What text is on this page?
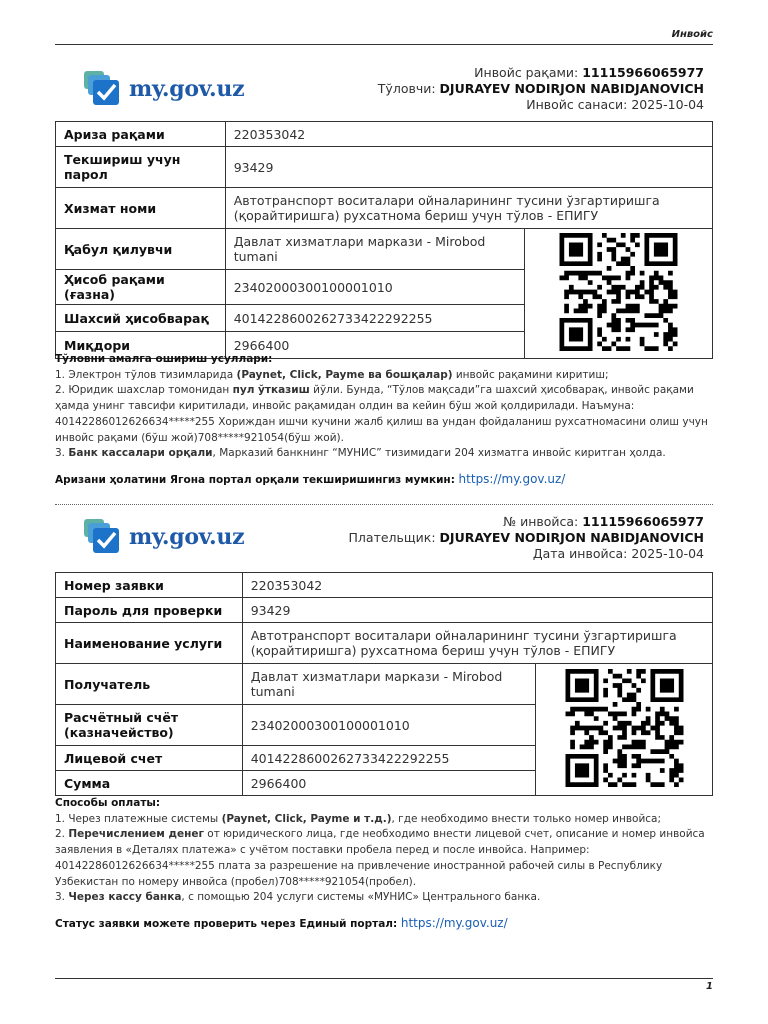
Инвойс
my.gov.uz
Инвойс рақами: 11115966065977
Тўловчи: DJURAYEV NODIRJON NABIDJANOVICH
Инвойс санаси: 2025-10-04
Ариза рақами	220353042	
Текшириш учун парол	93429	
Хизмат номи	Автотранспорт воситалари ойналарининг тусини ўзгартиришга (қорайтиришга) рухсатнома бериш учун тўлов - ЕПИГУ	
Қабул қилувчи	Давлат хизматлари маркази - Mirobod tumani	
Ҳисоб рақами (ғазна)	23402000300100001010	
Шахсий ҳисобварақ	401422860026273342229225​5	
Миқдори	2966400	
Тўловни амалга ошириш усуллари:
1. Электрон тўлов тизимларида (Paynet, Click, Payme ва бошқалар) инвойс рақамини киритиш;
2. Юридик шахслар томонидан пул ўтказиш йўли. Бунда, “Тўлов мақсади”га шахсий ҳисобварақ, инвойс рақами ҳамда унинг тавсифи киритилади, инвойс рақамидан олдин ва кейин бўш жой қолдирилади. Наъмуна: 40142286012626634*****255 Хориждан ишчи кучини жалб қилиш ва ундан фойдаланиш рухсатномасини олиш учун инвойс рақами (бўш жой)708*****921054(бўш жой).
3. Банк кассалари орқали, Марказий банкнинг “МУНИС” тизимидаги 204 хизматга инвойс киритган ҳолда.
Аризани ҳолатини Ягона портал орқали текширишингиз мумкин: https://my.gov.uz/
my.gov.uz
№ инвойса: 11115966065977
Плательщик: DJURAYEV NODIRJON NABIDJANOVICH
Дата инвойса: 2025-10-04
Номер заявки	220353042	
Пароль для проверки	93429	
Наименование услуги	Автотранспорт воситалари ойналарининг тусини ўзгартиришга (қорайтиришга) рухсатнома бериш учун тўлов - ЕПИГУ	
Получатель	Давлат хизматлари маркази - Mirobod tumani	
Расчётный счёт (казначейство)	23402000300100001010	
Лицевой счет	401422860026273342229225​5	
Сумма	2966400	
Способы оплаты:
1. Через платежные системы (Paynet, Click, Payme и т.д.), где необходимо внести только номер инвойса;
2. Перечислением денег от юридического лица, где необходимо внести лицевой счет, описание и номер инвойса заявления в «Деталях платежа» с учётом поставки пробела перед и после инвойса. Например: 40142286012626634*****255 плата за разрешение на привлечение иностранной рабочей силы в Республику Узбекистан по номеру инвойса (пробел)708*****921054(пробел).
3. Через кассу банка, с помощью 204 услуги системы «МУНИС» Центрального банка.
Статус заявки можете проверить через Единый портал: https://my.gov.uz/
1
